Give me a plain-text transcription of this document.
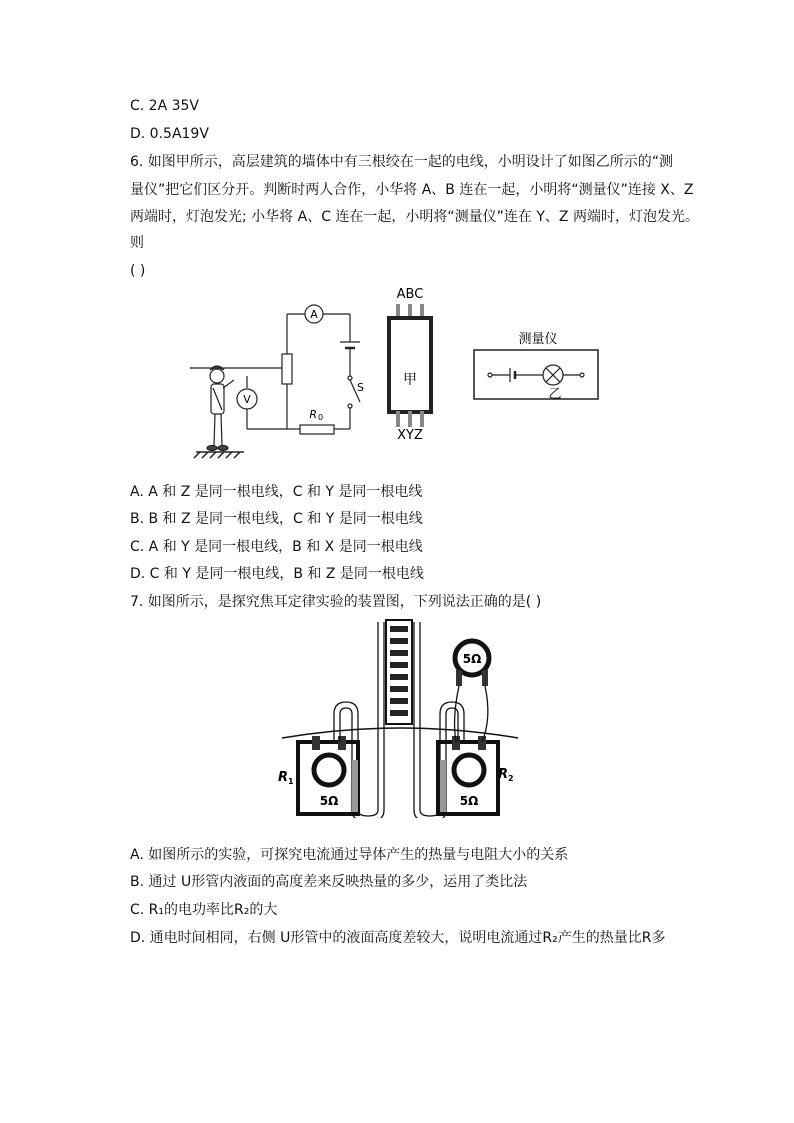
C. 2A 35V
D. 0.5A19V
6. 如图甲所示，高层建筑的墙体中有三根绞在一起的电线，小明设计了如图乙所示的“测
量仪”把它们区分开。判断时两人合作，小华将 A、B 连在一起，小明将“测量仪”连接 X、Z
两端时，灯泡发光; 小华将 A、C 连在一起，小明将“测量仪”连在 Y、Z 两端时，灯泡发光。
则
( )
A
V
S
R 0
ABC
甲
XYZ
测量仪
乙
A. A 和 Z 是同一根电线，C 和 Y 是同一根电线
B. B 和 Z 是同一根电线，C 和 Y 是同一根电线
C. A 和 Y 是同一根电线，B 和 X 是同一根电线
D. C 和 Y 是同一根电线，B 和 Z 是同一根电线
7. 如图所示，是探究焦耳定律实验的装置图，下列说法正确的是( )
5Ω
R 1
5Ω
R 2
5Ω
A. 如图所示的实验，可探究电流通过导体产生的热量与电阻大小的关系
B. 通过 U形管内液面的高度差来反映热量的多少，运用了类比法
C. R₁的电功率比R₂的大
D. 通电时间相同，右侧 U形管中的液面高度差较大，说明电流通过R₂产生的热量比R多
